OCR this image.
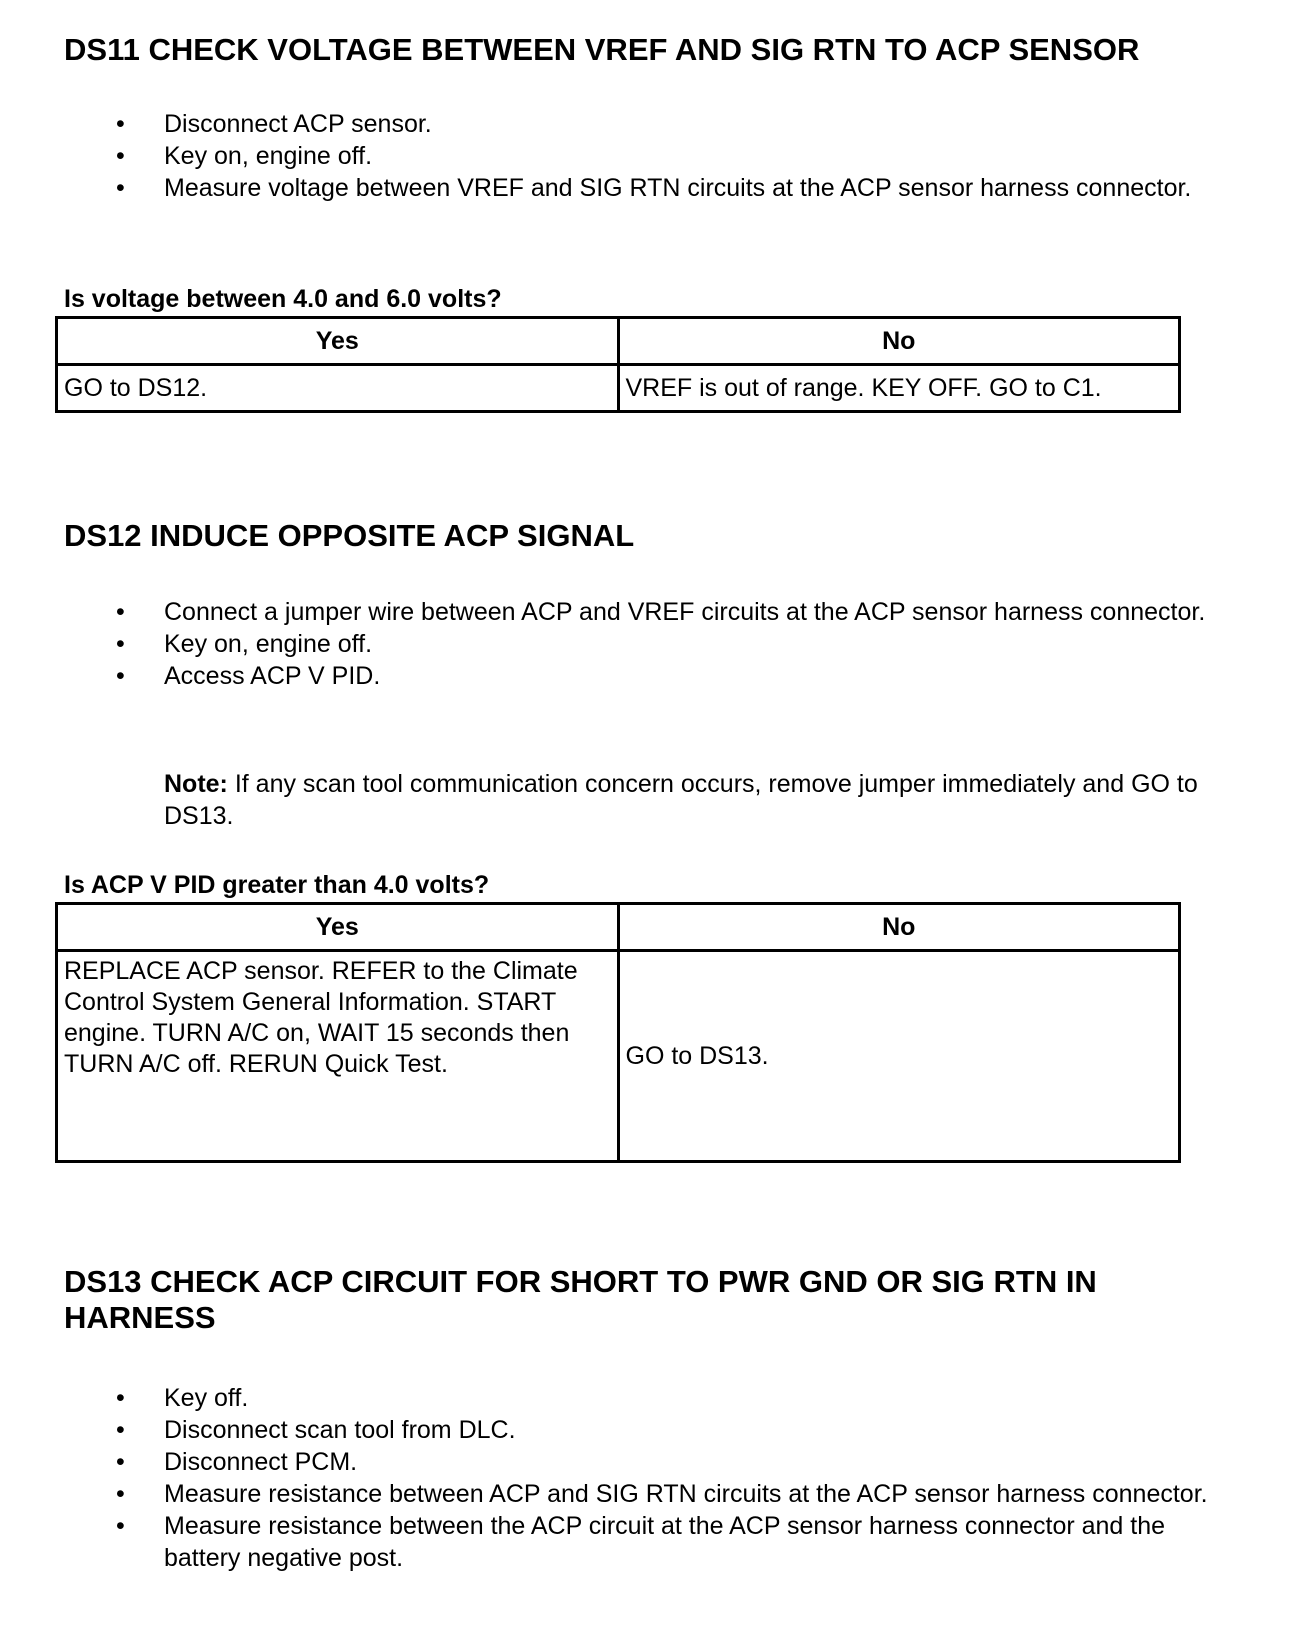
DS11 CHECK VOLTAGE BETWEEN VREF AND SIG RTN TO ACP SENSOR
• Disconnect ACP sensor.
• Key on, engine off.
• Measure voltage between VREF and SIG RTN circuits at the ACP sensor harness connector.

Is voltage between 4.0 and 6.0 volts?

Yes	No
GO to DS12.	VREF is out of range. KEY OFF. GO to C1.
DS12 INDUCE OPPOSITE ACP SIGNAL
• Connect a jumper wire between ACP and VREF circuits at the ACP sensor harness connector.
• Key on, engine off.
• Access ACP V PID.

Note: If any scan tool communication concern occurs, remove jumper immediately and GO to DS13.

Is ACP V PID greater than 4.0 volts?

Yes	No
REPLACE ACP sensor. REFER to the Climate Control System General Information. START engine. TURN A/C on, WAIT 15 seconds then TURN A/C off. RERUN Quick Test.	GO to DS13.
DS13 CHECK ACP CIRCUIT FOR SHORT TO PWR GND OR SIG RTN IN HARNESS
• Key off.
• Disconnect scan tool from DLC.
• Disconnect PCM.
• Measure resistance between ACP and SIG RTN circuits at the ACP sensor harness connector.
• Measure resistance between the ACP circuit at the ACP sensor harness connector and the battery negative post.
